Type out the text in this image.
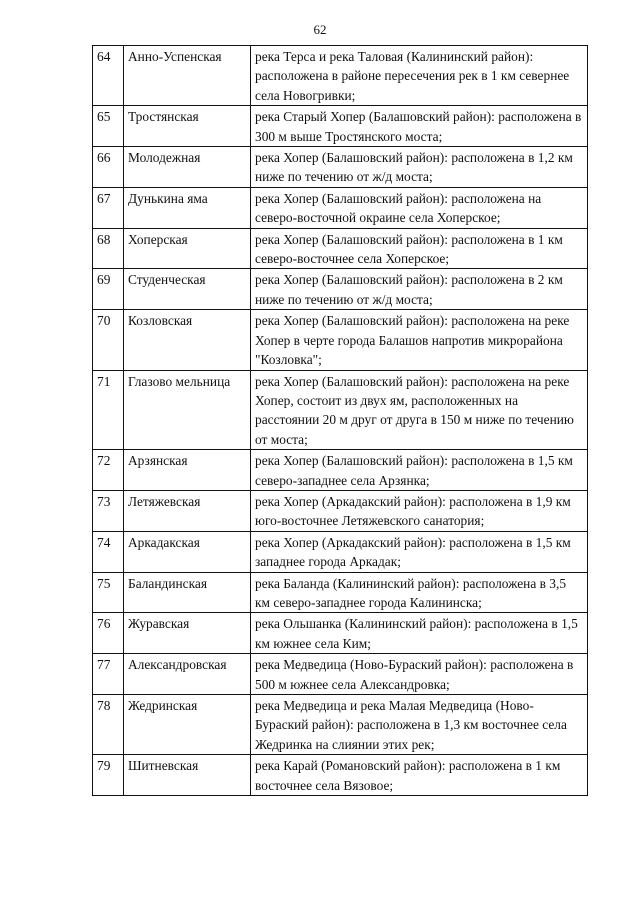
62
64	Анно-Успенская	река Терса и река Таловая (Калининский район): расположена в районе пересечения рек в 1 км севернее села Новогривки;
65	Тростянская	река Старый Хопер (Балашовский район): расположена в 300 м выше Тростянского моста;
66	Молодежная	река Хопер (Балашовский район): расположена в 1,2 км ниже по течению от ж/д моста;
67	Дунькина яма	река Хопер (Балашовский район): расположена на северо-восточной окраине села Хоперское;
68	Хоперская	река Хопер (Балашовский район): расположена в 1 км северо-восточнее села Хоперское;
69	Студенческая	река Хопер (Балашовский район): расположена в 2 км ниже по течению от ж/д моста;
70	Козловская	река Хопер (Балашовский район): расположена на реке Хопер в черте города Балашов напротив микрорайона "Козловка";
71	Глазово мельница	река Хопер (Балашовский район): расположена на реке Хопер, состоит из двух ям, расположенных на расстоянии 20 м друг от друга в 150 м ниже по течению от моста;
72	Арзянская	река Хопер (Балашовский район): расположена в 1,5 км северо-западнее села Арзянка;
73	Летяжевская	река Хопер (Аркадакский район): расположена в 1,9 км юго-восточнее Летяжевского санатория;
74	Аркадакская	река Хопер (Аркадакский район): расположена в 1,5 км западнее города Аркадак;
75	Баландинская	река Баланда (Калининский район): расположена в 3,5 км северо-западнее города Калининска;
76	Журавская	река Ольшанка (Калининский район): расположена в 1,5 км южнее села Ким;
77	Александровская	река Медведица (Ново-Бураский район): расположена в 500 м южнее села Александровка;
78	Жедринская	река Медведица и река Малая Медведица (Ново- Бураский район): расположена в 1,3 км восточнее села Жедринка на слиянии этих рек;
79	Шитневская	река Карай (Романовский район): расположена в 1 км восточнее села Вязовое;
